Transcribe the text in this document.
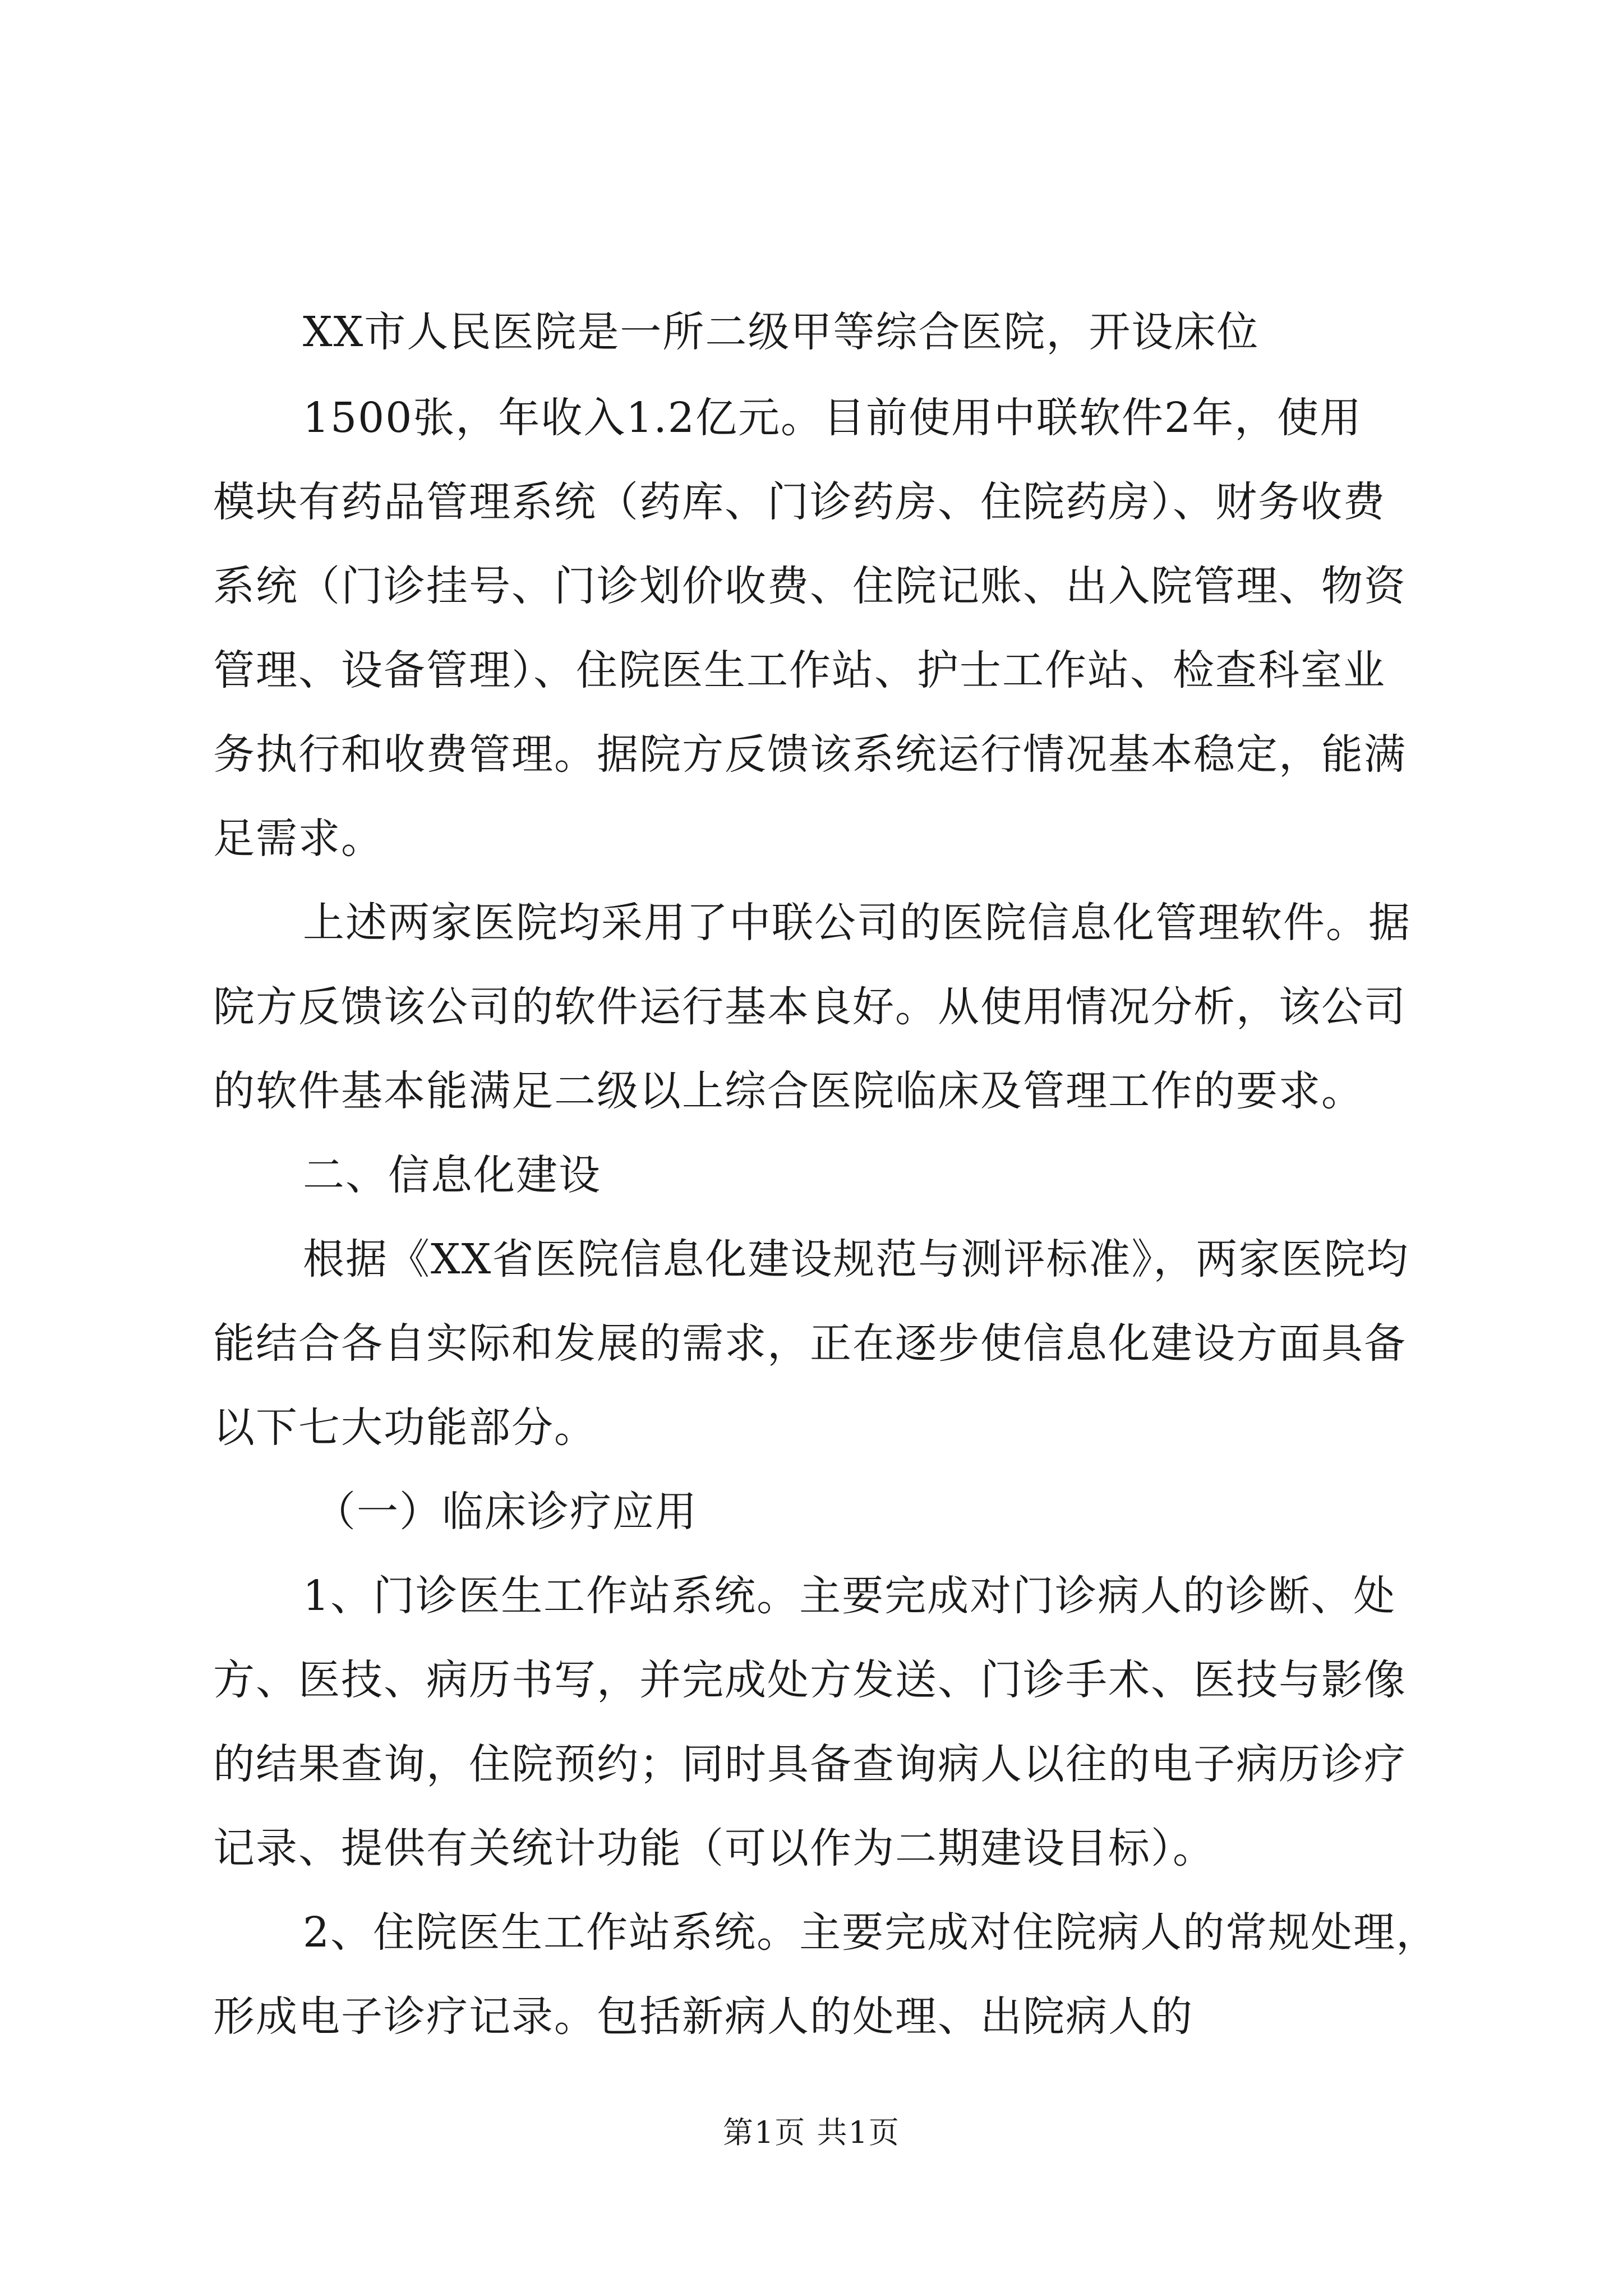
XX市人民医院是一所二级甲等综合医院，开设床位
1500张，年收入1.2亿元。目前使用中联软件2年，使用
模块有药品管理系统（药库、门诊药房、住院药房）、财务收费
系统（门诊挂号、门诊划价收费、住院记账、出入院管理、物资
管理、设备管理）、住院医生工作站、护士工作站、检查科室业
务执行和收费管理。据院方反馈该系统运行情况基本稳定，能满
足需求。
上述两家医院均采用了中联公司的医院信息化管理软件。据
院方反馈该公司的软件运行基本良好。从使用情况分析，该公司
的软件基本能满足二级以上综合医院临床及管理工作的要求。
二、信息化建设
根据《XX省医院信息化建设规范与测评标准》，两家医院均
能结合各自实际和发展的需求，正在逐步使信息化建设方面具备
以下七大功能部分。
（一）临床诊疗应用
1、门诊医生工作站系统。主要完成对门诊病人的诊断、处
方、医技、病历书写，并完成处方发送、门诊手术、医技与影像
的结果查询，住院预约；同时具备查询病人以往的电子病历诊疗
记录、提供有关统计功能（可以作为二期建设目标）。
2、住院医生工作站系统。主要完成对住院病人的常规处理，
形成电子诊疗记录。包括新病人的处理、出院病人的
第1页 共1页
